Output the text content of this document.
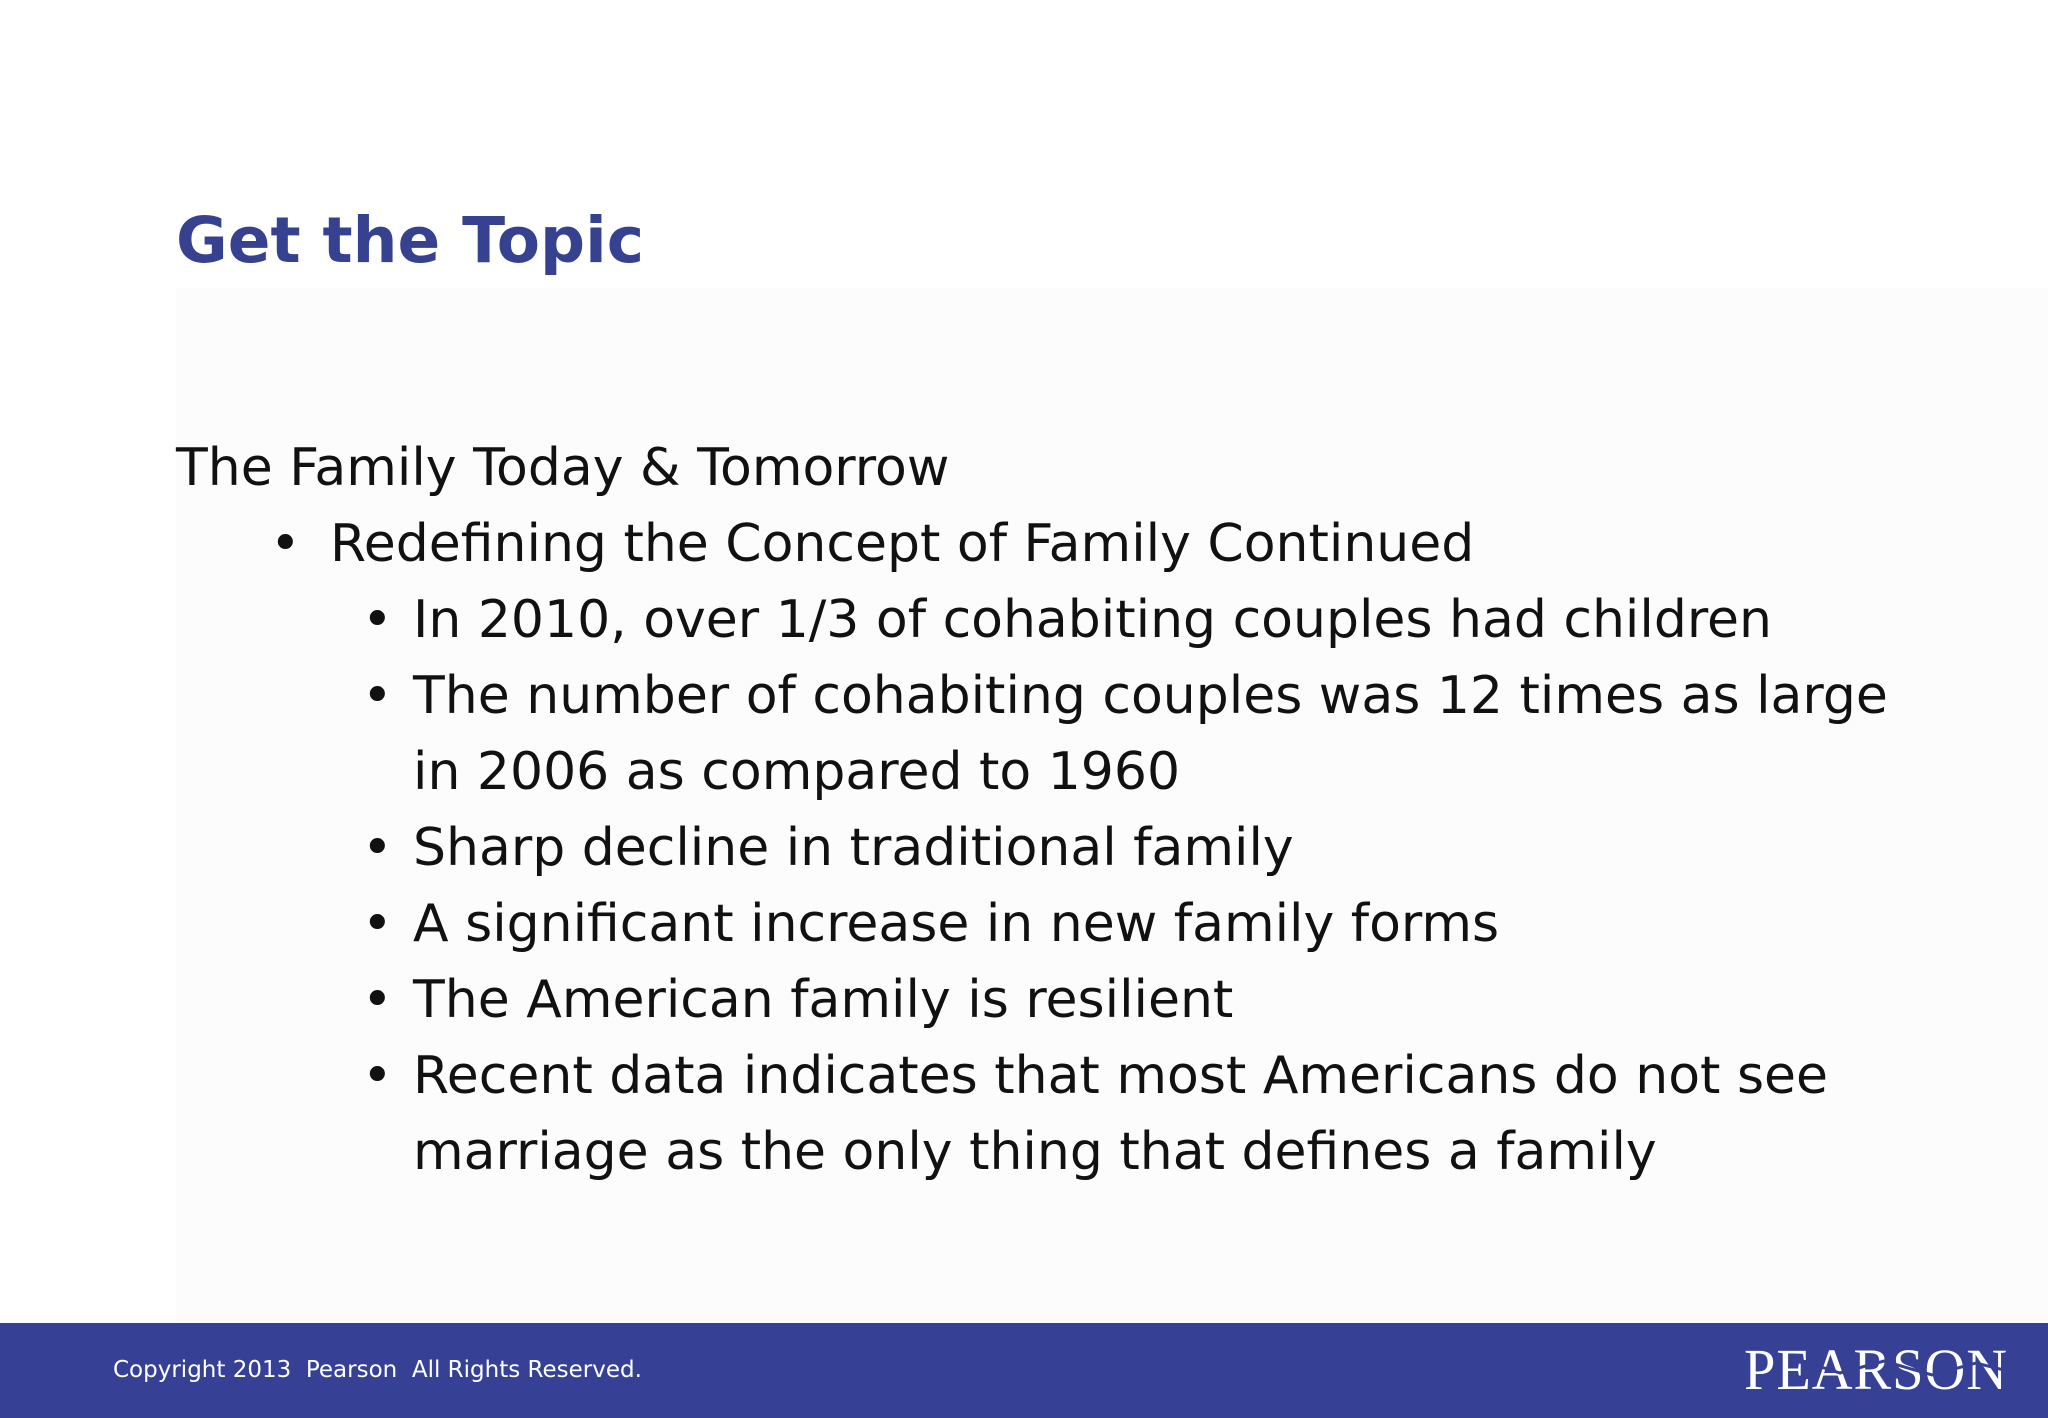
Get the Topic
The Family Today & Tomorrow
• Redefining the Concept of Family Continued
• In 2010, over 1/3 of cohabiting couples had children
• The number of cohabiting couples was 12 times as large in 2006 as compared to 1960
• Sharp decline in traditional family
• A significant increase in new family forms
• The American family is resilient
• Recent data indicates that most Americans do not see marriage as the only thing that defines a family
Copyright 2013  Pearson  All Rights Reserved.	PEARSON
